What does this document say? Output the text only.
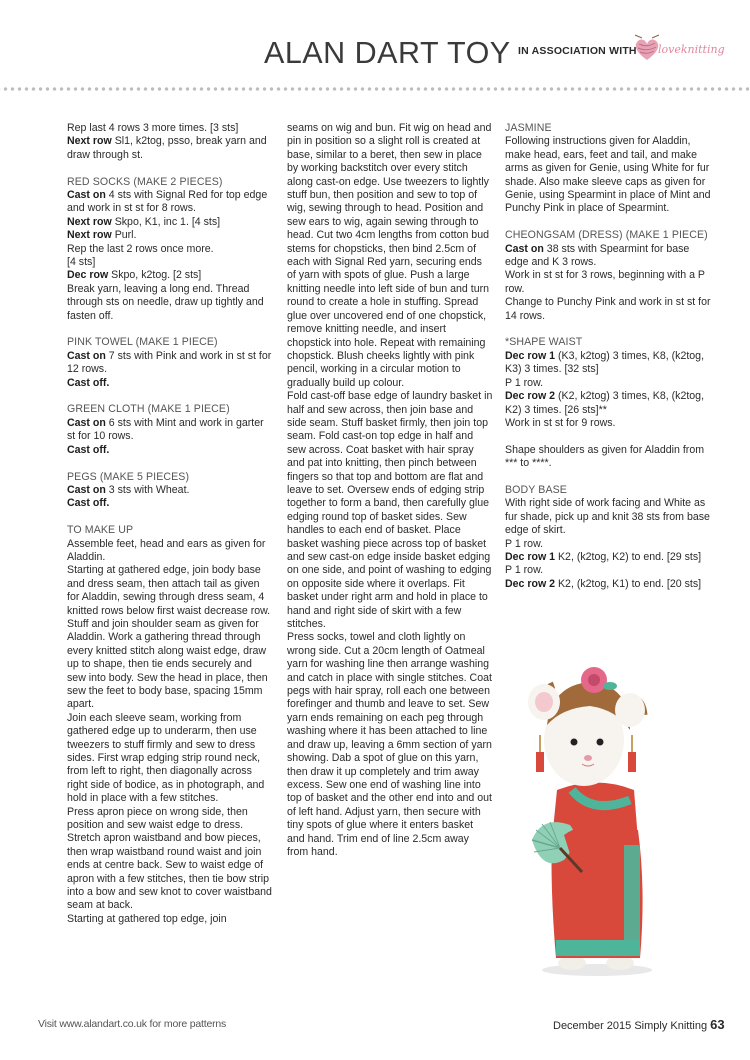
ALAN DART TOY IN ASSOCIATION WITH loveknitting

Rep last 4 rows 3 more times. [3 sts]

Next row Sl1, k2tog, psso, break yarn and draw through st.

RED SOCKS (MAKE 2 PIECES)

Cast on 4 sts with Signal Red for top edge and work in st st for 8 rows.

Next row Skpo, K1, inc 1. [4 sts]

Next row Purl.

Rep the last 2 rows once more.

[4 sts]

Dec row Skpo, k2tog. [2 sts]

Break yarn, leaving a long end. Thread through sts on needle, draw up tightly and fasten off.

PINK TOWEL (MAKE 1 PIECE)

Cast on 7 sts with Pink and work in st st for 12 rows.

Cast off.

GREEN CLOTH (MAKE 1 PIECE)

Cast on 6 sts with Mint and work in garter st for 10 rows.

Cast off.

PEGS (MAKE 5 PIECES)

Cast on 3 sts with Wheat.

Cast off.

TO MAKE UP

Assemble feet, head and ears as given for Aladdin.

Starting at gathered edge, join body base and dress seam, then attach tail as given for Aladdin, sewing through dress seam, 4 knitted rows below first waist decrease row. Stuff and join shoulder seam as given for Aladdin. Work a gathering thread through every knitted stitch along waist edge, draw up to shape, then tie ends securely and sew into body. Sew the head in place, then sew the feet to body base, spacing 15mm apart.

Join each sleeve seam, working from gathered edge up to underarm, then use tweezers to stuff firmly and sew to dress sides. First wrap edging strip round neck, from left to right, then diagonally across right side of bodice, as in photograph, and hold in place with a few stitches.

Press apron piece on wrong side, then position and sew waist edge to dress. Stretch apron waistband and bow pieces, then wrap waistband round waist and join ends at centre back. Sew to waist edge of apron with a few stitches, then tie bow strip into a bow and sew knot to cover waistband seam at back.

Starting at gathered top edge, join

seams on wig and bun. Fit wig on head and pin in position so a slight roll is created at base, similar to a beret, then sew in place by working backstitch over every stitch along cast-on edge. Use tweezers to lightly stuff bun, then position and sew to top of wig, sewing through to head. Position and sew ears to wig, again sewing through to head. Cut two 4cm lengths from cotton bud stems for chopsticks, then bind 2.5cm of each with Signal Red yarn, securing ends of yarn with spots of glue. Push a large knitting needle into left side of bun and turn round to create a hole in stuffing. Spread glue over uncovered end of one chopstick, remove knitting needle, and insert chopstick into hole. Repeat with remaining chopstick. Blush cheeks lightly with pink pencil, working in a circular motion to gradually build up colour.

Fold cast-off base edge of laundry basket in half and sew across, then join base and side seam. Stuff basket firmly, then join top seam. Fold cast-on top edge in half and sew across. Coat basket with hair spray and pat into knitting, then pinch between fingers so that top and bottom are flat and leave to set. Oversew ends of edging strip together to form a band, then carefully glue edging round top of basket sides. Sew handles to each end of basket. Place basket washing piece across top of basket and sew cast-on edge inside basket edging on one side, and point of washing to edging on opposite side where it overlaps. Fit basket under right arm and hold in place to hand and right side of skirt with a few stitches.

Press socks, towel and cloth lightly on wrong side. Cut a 20cm length of Oatmeal yarn for washing line then arrange washing and catch in place with single stitches. Coat pegs with hair spray, roll each one between forefinger and thumb and leave to set. Sew yarn ends remaining on each peg through washing where it has been attached to line and draw up, leaving a 6mm section of yarn showing. Dab a spot of glue on this yarn, then draw it up completely and trim away excess. Sew one end of washing line into top of basket and the other end into and out of left hand. Adjust yarn, then secure with tiny spots of glue where it enters basket and hand. Trim end of line 2.5cm away from hand.

JASMINE

Following instructions given for Aladdin, make head, ears, feet and tail, and make arms as given for Genie, using White for fur shade. Also make sleeve caps as given for Genie, using Spearmint in place of Mint and Punchy Pink in place of Spearmint.

CHEONGSAM (DRESS) (MAKE 1 PIECE)

Cast on 38 sts with Spearmint for base edge and K 3 rows.

Work in st st for 3 rows, beginning with a P row.

Change to Punchy Pink and work in st st for 14 rows.

*SHAPE WAIST

Dec row 1 (K3, k2tog) 3 times, K8, (k2tog, K3) 3 times. [32 sts]

P 1 row.

Dec row 2 (K2, k2tog) 3 times, K8, (k2tog, K2) 3 times. [26 sts]**

Work in st st for 9 rows.

Shape shoulders as given for Aladdin from *** to ****.

BODY BASE

With right side of work facing and White as fur shade, pick up and knit 38 sts from base edge of skirt.

P 1 row.

Dec row 1 K2, (k2tog, K2) to end. [29 sts]

P 1 row.

Dec row 2 K2, (k2tog, K1) to end. [20 sts]

Visit www.alandart.co.uk for more patterns	December 2015 Simply Knitting 63
